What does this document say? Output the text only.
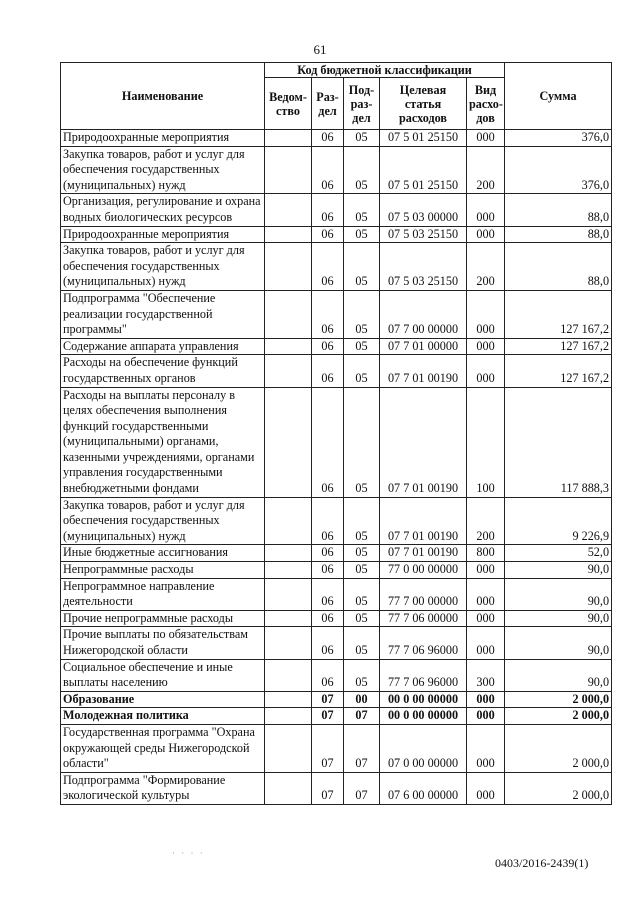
61
Наименование	Код бюджетной классификации					Сумма
	Ведом-ство	Раз-дел	Под-раз-дел	Целевая статья расходов	Вид расхо-дов	
Природоохранные мероприятия		06	05	07 5 01 25150	000	376,0
Закупка товаров, работ и услуг для обеспечения государственных (муниципальных) нужд		06	05	07 5 01 25150	200	376,0
Организация, регулирование и охрана водных биологических ресурсов		06	05	07 5 03 00000	000	88,0
Природоохранные мероприятия		06	05	07 5 03 25150	000	88,0
Закупка товаров, работ и услуг для обеспечения государственных (муниципальных) нужд		06	05	07 5 03 25150	200	88,0
Подпрограмма "Обеспечение реализации государственной программы"		06	05	07 7 00 00000	000	127 167,2
Содержание аппарата управления		06	05	07 7 01 00000	000	127 167,2
Расходы на обеспечение функций государственных органов		06	05	07 7 01 00190	000	127 167,2
Расходы на выплаты персоналу в целях обеспечения выполнения функций государственными (муниципальными) органами, казенными учреждениями, органами управления государственными внебюджетными фондами		06	05	07 7 01 00190	100	117 888,3
Закупка товаров, работ и услуг для обеспечения государственных (муниципальных) нужд		06	05	07 7 01 00190	200	9 226,9
Иные бюджетные ассигнования		06	05	07 7 01 00190	800	52,0
Непрограммные расходы		06	05	77 0 00 00000	000	90,0
Непрограммное направление деятельности		06	05	77 7 00 00000	000	90,0
Прочие непрограммные расходы		06	05	77 7 06 00000	000	90,0
Прочие выплаты по обязательствам Нижегородской области		06	05	77 7 06 96000	000	90,0
Социальное обеспечение и иные выплаты населению		06	05	77 7 06 96000	300	90,0
Образование		07	00	00 0 00 00000	000	2 000,0
Молодежная политика		07	07	00 0 00 00000	000	2 000,0
Государственная программа "Охрана окружающей среды Нижегородской области"		07	07	07 0 00 00000	000	2 000,0
Подпрограмма "Формирование экологической культуры		07	07	07 6 00 00000	000	2 000,0
· · · ·
0403/2016-2439(1)
